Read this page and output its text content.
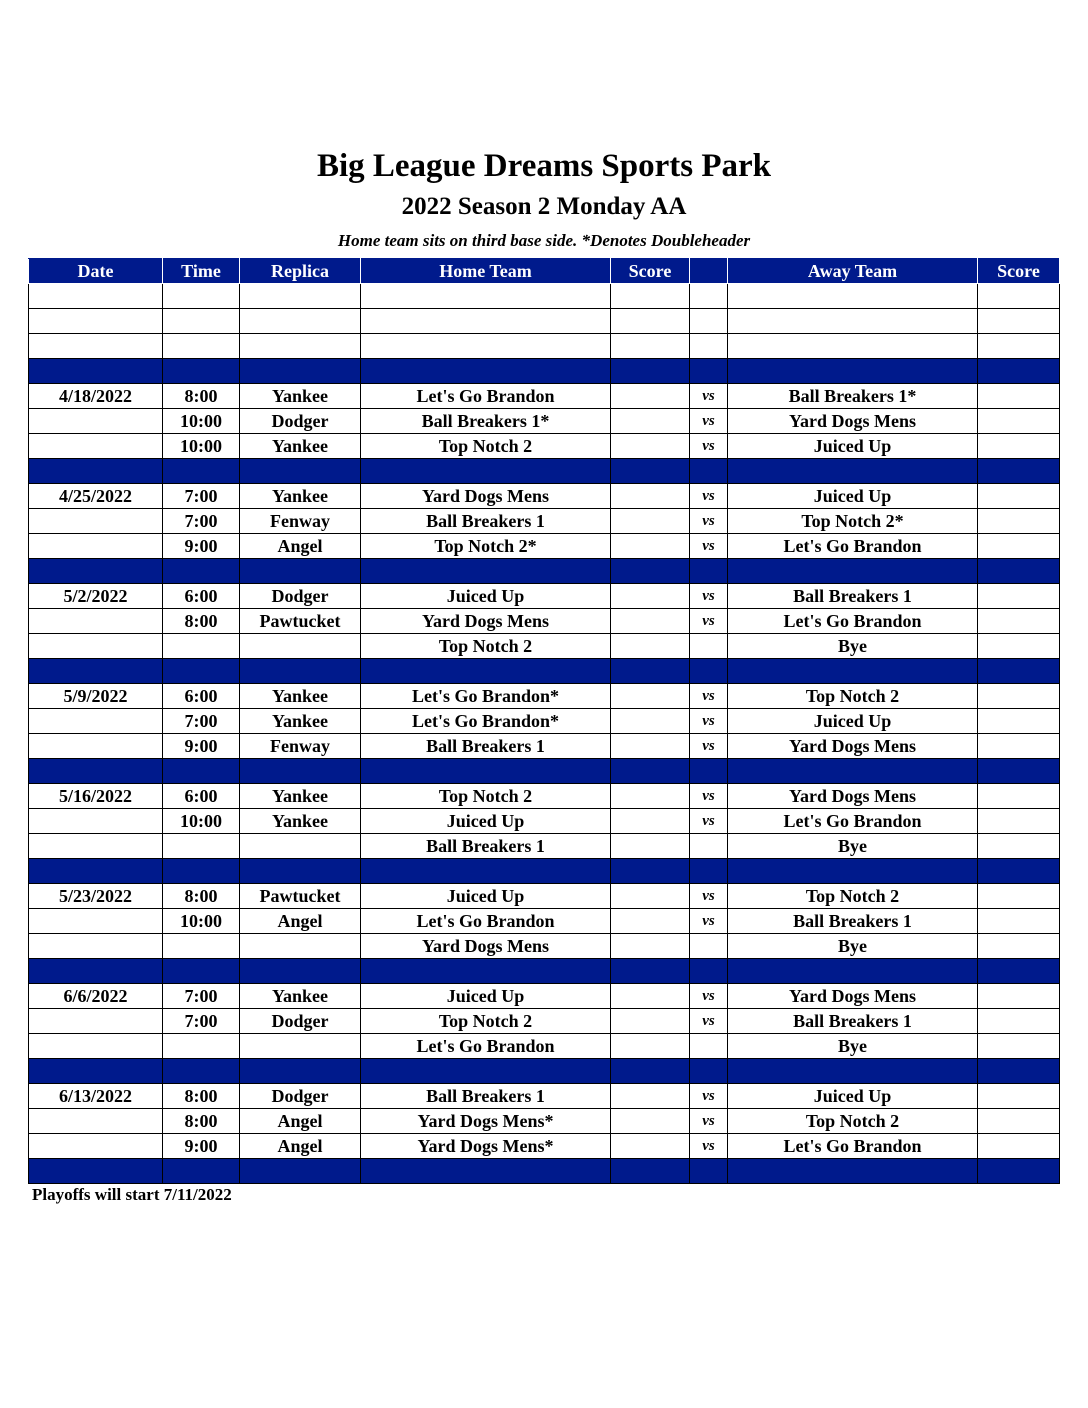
Big League Dreams Sports Park
2022 Season 2 Monday AA
Home team sits on third base side. *Denotes Doubleheader
Date	Time	Replica	Home Team	Score		Away Team	Score

4/18/2022	8:00	Yankee	Let's Go Brandon		vs	Ball Breakers 1*	
	10:00	Dodger	Ball Breakers 1*		vs	Yard Dogs Mens	
	10:00	Yankee	Top Notch 2		vs	Juiced Up	

4/25/2022	7:00	Yankee	Yard Dogs Mens		vs	Juiced Up	
	7:00	Fenway	Ball Breakers 1		vs	Top Notch 2*	
	9:00	Angel	Top Notch 2*		vs	Let's Go Brandon	

5/2/2022	6:00	Dodger	Juiced Up		vs	Ball Breakers 1	
	8:00	Pawtucket	Yard Dogs Mens		vs	Let's Go Brandon	
			Top Notch 2			Bye	

5/9/2022	6:00	Yankee	Let's Go Brandon*		vs	Top Notch 2	
	7:00	Yankee	Let's Go Brandon*		vs	Juiced Up	
	9:00	Fenway	Ball Breakers 1		vs	Yard Dogs Mens	

5/16/2022	6:00	Yankee	Top Notch 2		vs	Yard Dogs Mens	
	10:00	Yankee	Juiced Up		vs	Let's Go Brandon	
			Ball Breakers 1			Bye	

5/23/2022	8:00	Pawtucket	Juiced Up		vs	Top Notch 2	
	10:00	Angel	Let's Go Brandon		vs	Ball Breakers 1	
			Yard Dogs Mens			Bye	

6/6/2022	7:00	Yankee	Juiced Up		vs	Yard Dogs Mens	
	7:00	Dodger	Top Notch 2		vs	Ball Breakers 1	
			Let's Go Brandon			Bye	

6/13/2022	8:00	Dodger	Ball Breakers 1		vs	Juiced Up	
	8:00	Angel	Yard Dogs Mens*		vs	Top Notch 2	
	9:00	Angel	Yard Dogs Mens*		vs	Let's Go Brandon	

Playoffs will start 7/11/2022
